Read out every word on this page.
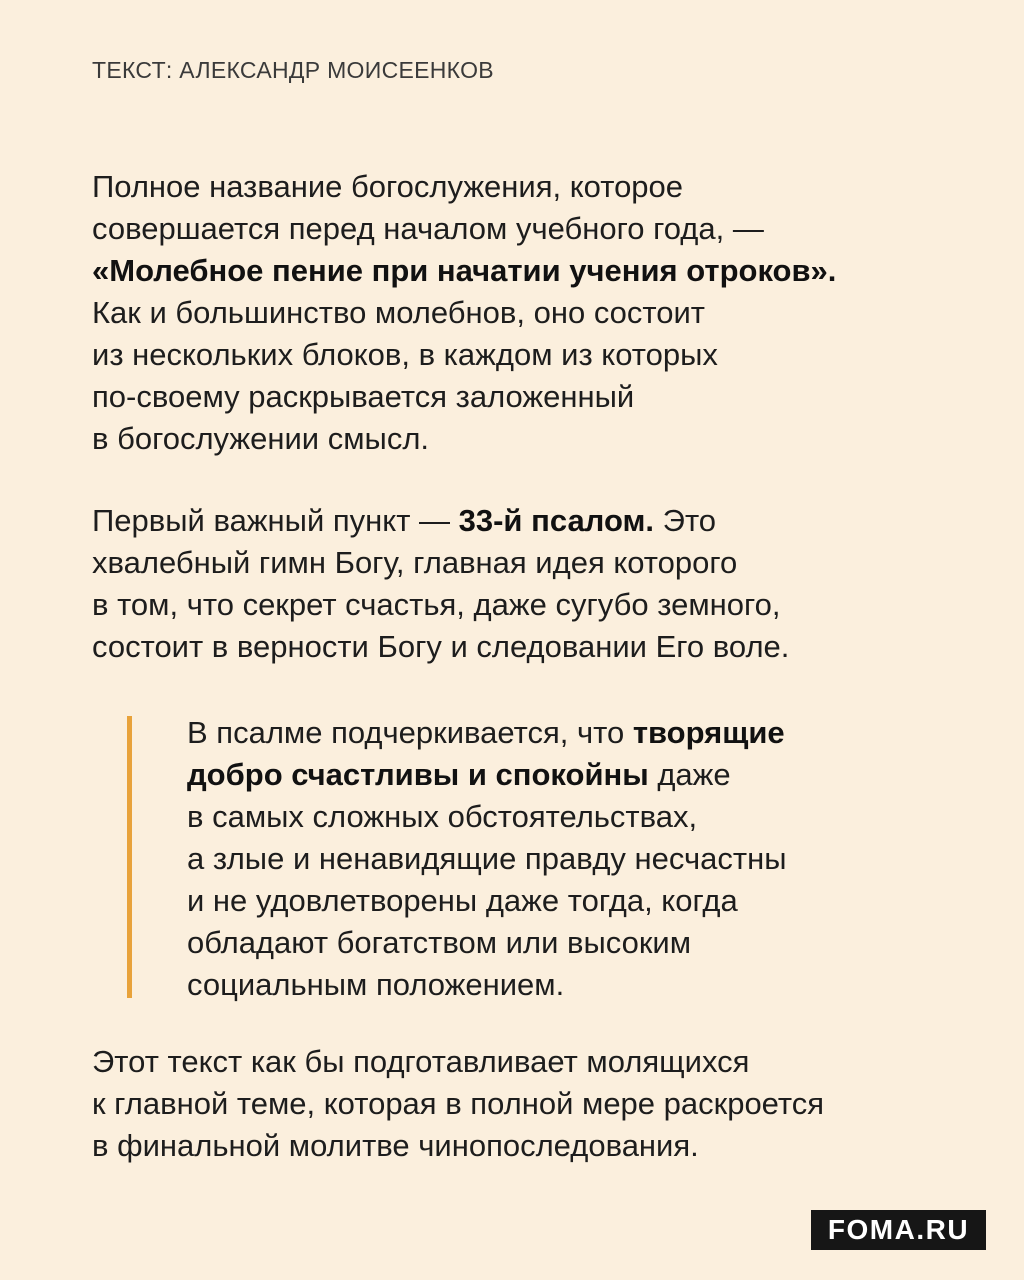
ТЕКСТ: АЛЕКСАНДР МОИСЕЕНКОВ

Полное название богослужения, которое
совершается перед началом учебного года, —
«Молебное пение при начатии учения отроков».
Как и большинство молебнов, оно состоит
из нескольких блоков, в каждом из которых
по-своему раскрывается заложенный
в богослужении смысл.

Первый важный пункт — 33-й псалом. Это
хвалебный гимн Богу, главная идея которого
в том, что секрет счастья, даже сугубо земного,
состоит в верности Богу и следовании Его воле.

В псалме подчеркивается, что творящие
добро счастливы и спокойны даже
в самых сложных обстоятельствах,
а злые и ненавидящие правду несчастны
и не удовлетворены даже тогда, когда
обладают богатством или высоким
социальным положением.

Этот текст как бы подготавливает молящихся
к главной теме, которая в полной мере раскроется
в финальной молитве чинопоследования.

FOMA.RU
